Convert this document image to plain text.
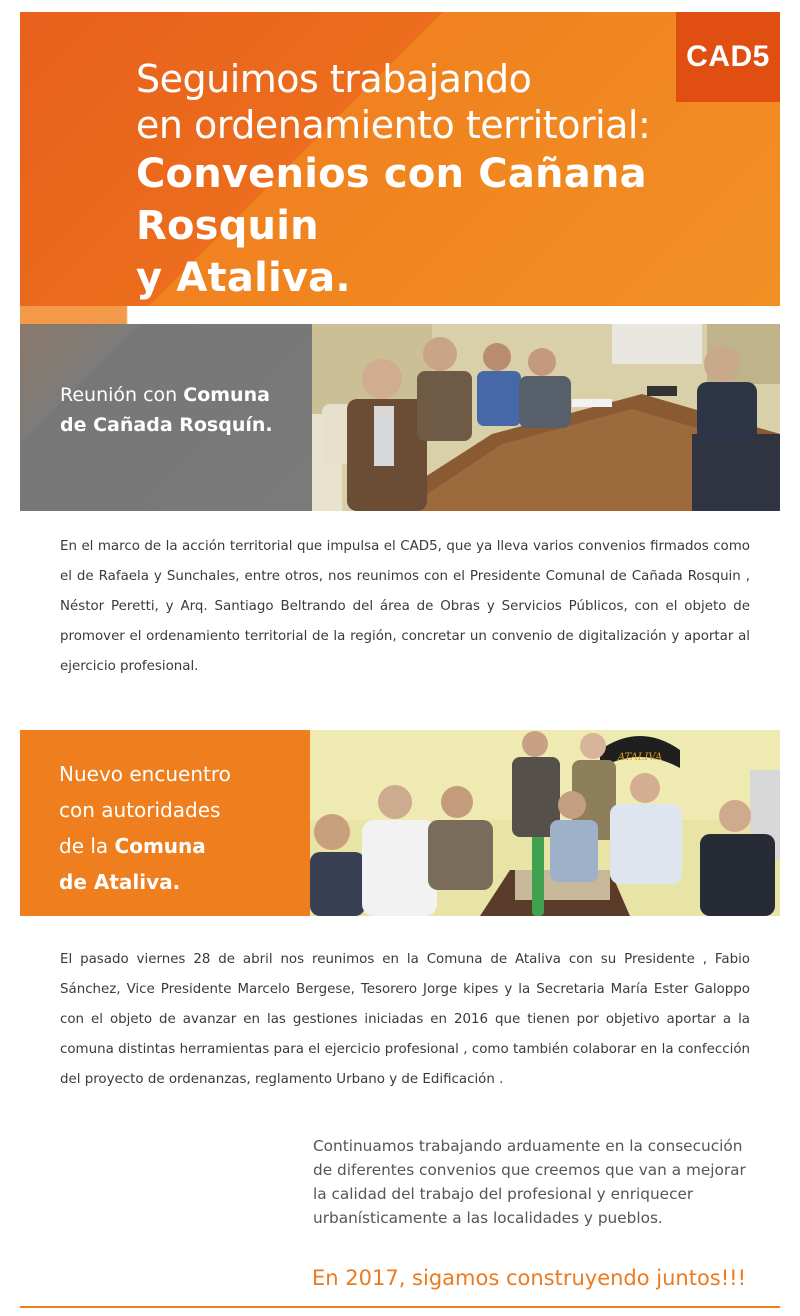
CAD5
Seguimos trabajando
en ordenamiento territorial:
Convenios con Cañana Rosquin
y Ataliva.
Reunión con Comuna
de Cañada Rosquín.
En el marco de la acción territorial que impulsa el CAD5, que ya lleva varios convenios firmados como el de Rafaela y Sunchales, entre otros, nos reunimos con el Presidente Comunal de Cañada Rosquin , Néstor Peretti, y Arq. Santiago Beltrando del área de Obras y Servicios Públicos, con el objeto de promover el ordenamiento territorial de la región, concretar un convenio de digitalización y aportar al ejercicio profesional.
Nuevo encuentro
con autoridades
de la Comuna
de Ataliva.
ATALIVA
El pasado viernes 28 de abril nos reunimos en la Comuna de Ataliva con su Presidente , Fabio Sánchez, Vice Presidente Marcelo Bergese, Tesorero Jorge kipes y la Secretaria María Ester Galoppo con el objeto de avanzar en las gestiones iniciadas en 2016 que tienen por objetivo aportar a la comuna distintas herramientas para el ejercicio profesional , como también colaborar en la confección del proyecto de ordenanzas, reglamento Urbano y de Edificación .
Continuamos trabajando arduamente en la consecución
de diferentes convenios que creemos que van a mejorar
la calidad del trabajo del profesional y enriquecer
urbanísticamente a las localidades y pueblos.
En 2017, sigamos construyendo juntos!!!
